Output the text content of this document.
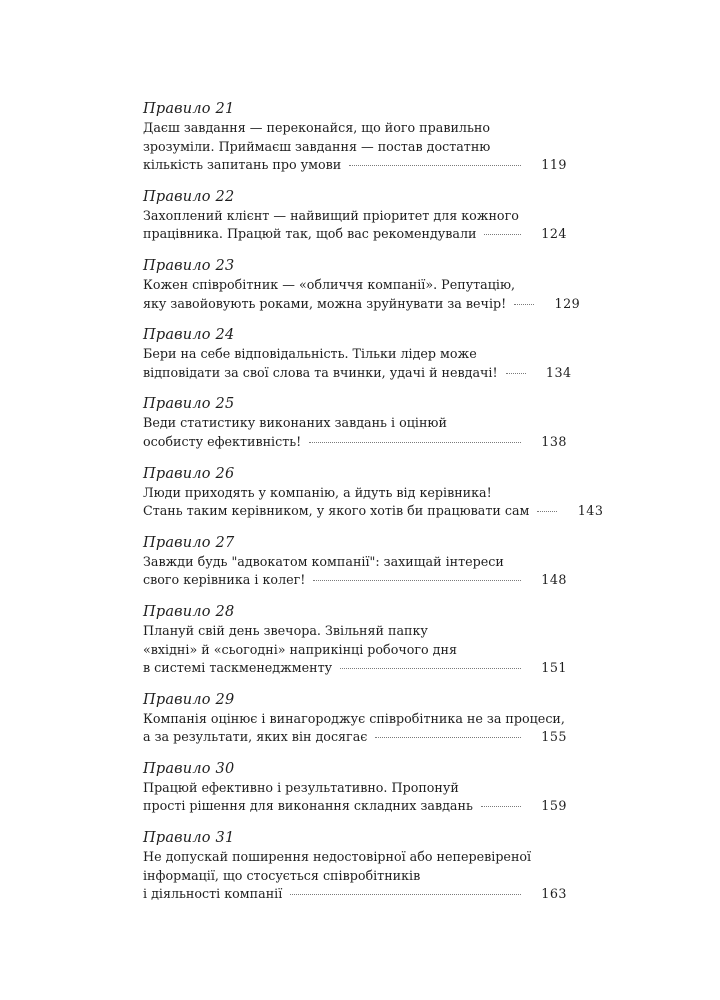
Правило 21
Даєш завдання — переконайся, що його правильно
зрозуміли. Приймаєш завдання — постав достатню
кількість запитань про умови	119
Правило 22
Захоплений клієнт — найвищий пріоритет для кожного
працівника. Працюй так, щоб вас рекомендували	124
Правило 23
Кожен співробітник — «обличчя компанії». Репутацію,
яку завойовують роками, можна зруйнувати за вечір!	129
Правило 24
Бери на себе відповідальність. Тільки лідер може
відповідати за свої слова та вчинки, удачі й невдачі!	134
Правило 25
Веди статистику виконаних завдань і оцінюй
особисту ефективність!	138
Правило 26
Люди приходять у компанію, а йдуть від керівника!
Стань таким керівником, у якого хотів би працювати сам	143
Правило 27
Завжди будь "адвокатом компанії": захищай інтереси
свого керівника і колег!	148
Правило 28
Плануй свій день звечора. Звільняй папку
«вхідні» й «сьогодні» наприкінці робочого дня
в системі таскменеджменту	151
Правило 29
Компанія оцінює і винагороджує співробітника не за процеси,
а за результати, яких він досягає	155
Правило 30
Працюй ефективно і результативно. Пропонуй
прості рішення для виконання складних завдань	159
Правило 31
Не допускай поширення недостовірної або неперевіреної
інформації, що стосується співробітників
і діяльності компанії	163
